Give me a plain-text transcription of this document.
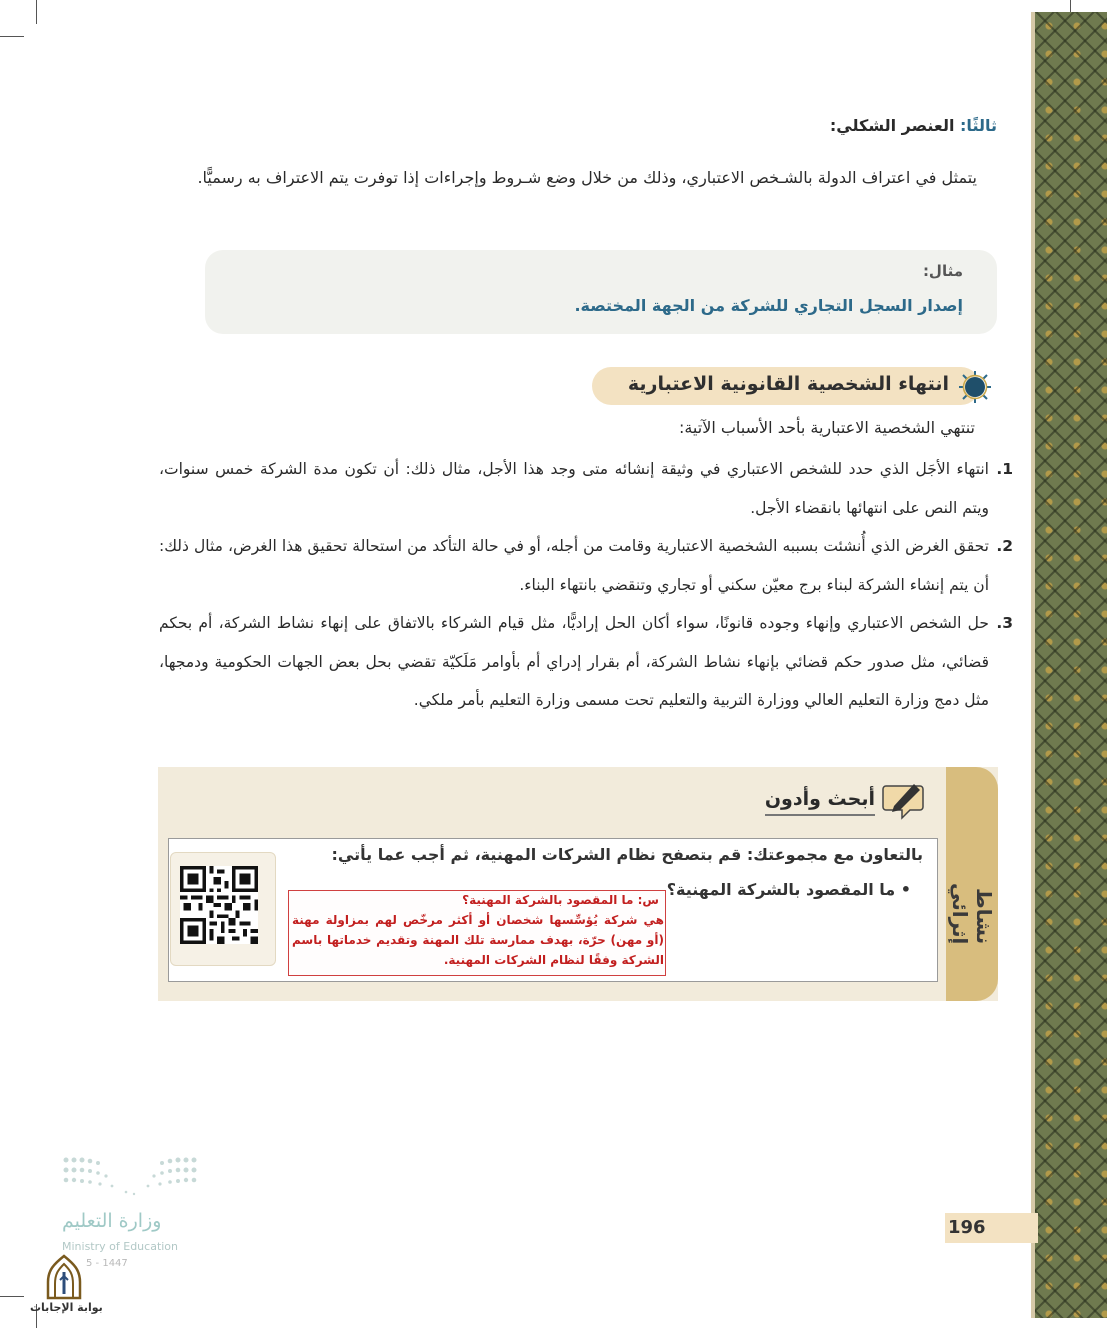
ثالثًا: العنصر الشكلي:
يتمثل في اعتراف الدولة بالشـخص الاعتباري، وذلك من خلال وضع شـروط وإجراءات إذا توفرت يتم الاعتراف به رسميًّا.
مثال:
إصدار السجل التجاري للشركة من الجهة المختصة.
انتهاء الشخصية القانونية الاعتبارية
تنتهي الشخصية الاعتبارية بأحد الأسباب الآتية:
1.
انتهاء الأجَل الذي حدد للشخص الاعتباري في وثيقة إنشائه متى وجد هذا الأجل، مثال ذلك: أن تكون مدة الشركة خمس سنوات، ويتم النص على انتهائها بانقضاء الأجل.
2.
تحقق الغرض الذي أُنشئت بسببه الشخصية الاعتبارية وقامت من أجله، أو في حالة التأكد من استحالة تحقيق هذا الغرض، مثال ذلك: أن يتم إنشاء الشركة لبناء برج معيّن سكني أو تجاري وتنقضي بانتهاء البناء.
3.
حل الشخص الاعتباري وإنهاء وجوده قانونًا، سواء أكان الحل إراديًّا، مثل قيام الشركاء بالاتفاق على إنهاء نشاط الشركة، أم بحكم قضائي، مثل صدور حكم قضائي بإنهاء نشاط الشركة، أم بقرار إدراي أم بأوامر مَلَكيّة تقضي بحل بعض الجهات الحكومية ودمجها، مثل دمج وزارة التعليم العالي ووزارة التربية والتعليم تحت مسمى وزارة التعليم بأمر ملكي.
نشاط إثرائي
أبحث وأدون
بالتعاون مع مجموعتك: قم بتصفح نظام الشركات المهنية، ثم أجب عما يأتي:
• ما المقصود بالشركة المهنية؟
س: ما المقصود بالشركة المهنية؟
هي شركة يُؤسِّسها شخصان أو أكثر مرخّص لهم بمزاولة مهنة (أو مهن) حرّة، بهدف ممارسة تلك المهنة وتقديم خدماتها باسم الشركة وفقًا لنظام الشركات المهنية.
196
وزارة التعليم
Ministry of Education
5 - 1447
بوابة الإجابات
